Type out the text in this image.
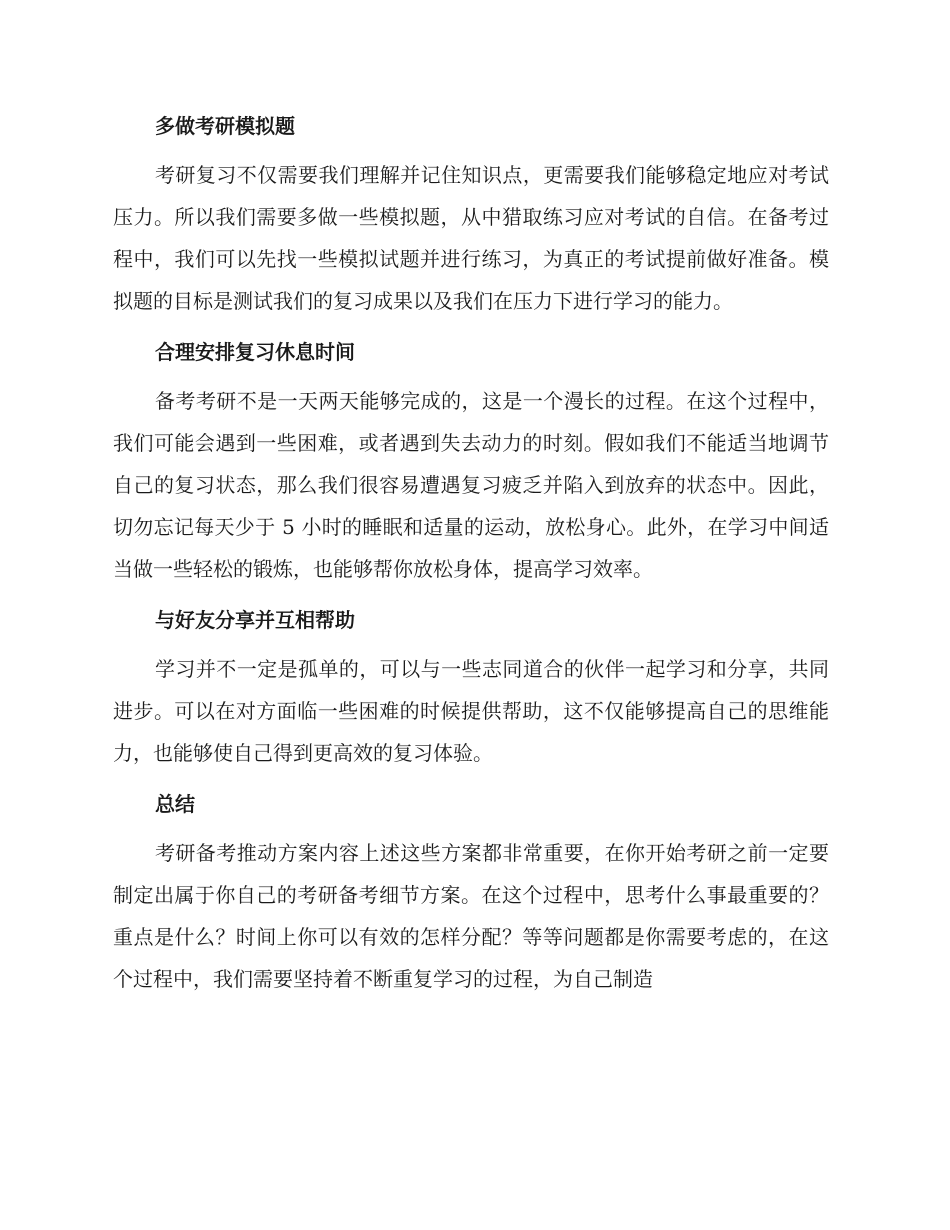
多做考研模拟题

考研复习不仅需要我们理解并记住知识点，更需要我们能够稳定地应对考试压力。所以我们需要多做一些模拟题，从中猎取练习应对考试的自信。在备考过程中，我们可以先找一些模拟试题并进行练习，为真正的考试提前做好准备。模拟题的目标是测试我们的复习成果以及我们在压力下进行学习的能力。

合理安排复习休息时间

备考考研不是一天两天能够完成的，这是一个漫长的过程。在这个过程中，我们可能会遇到一些困难，或者遇到失去动力的时刻。假如我们不能适当地调节自己的复习状态，那么我们很容易遭遇复习疲乏并陷入到放弃的状态中。因此，切勿忘记每天少于 5 小时的睡眠和适量的运动，放松身心。此外，在学习中间适当做一些轻松的锻炼，也能够帮你放松身体，提高学习效率。

与好友分享并互相帮助

学习并不一定是孤单的，可以与一些志同道合的伙伴一起学习和分享，共同进步。可以在对方面临一些困难的时候提供帮助，这不仅能够提高自己的思维能力，也能够使自己得到更高效的复习体验。

总结

考研备考推动方案内容上述这些方案都非常重要，在你开始考研之前一定要制定出属于你自己的考研备考细节方案。在这个过程中，思考什么事最重要的？重点是什么？时间上你可以有效的怎样分配？等等问题都是你需要考虑的，在这个过程中，我们需要坚持着不断重复学习的过程，为自己制造
